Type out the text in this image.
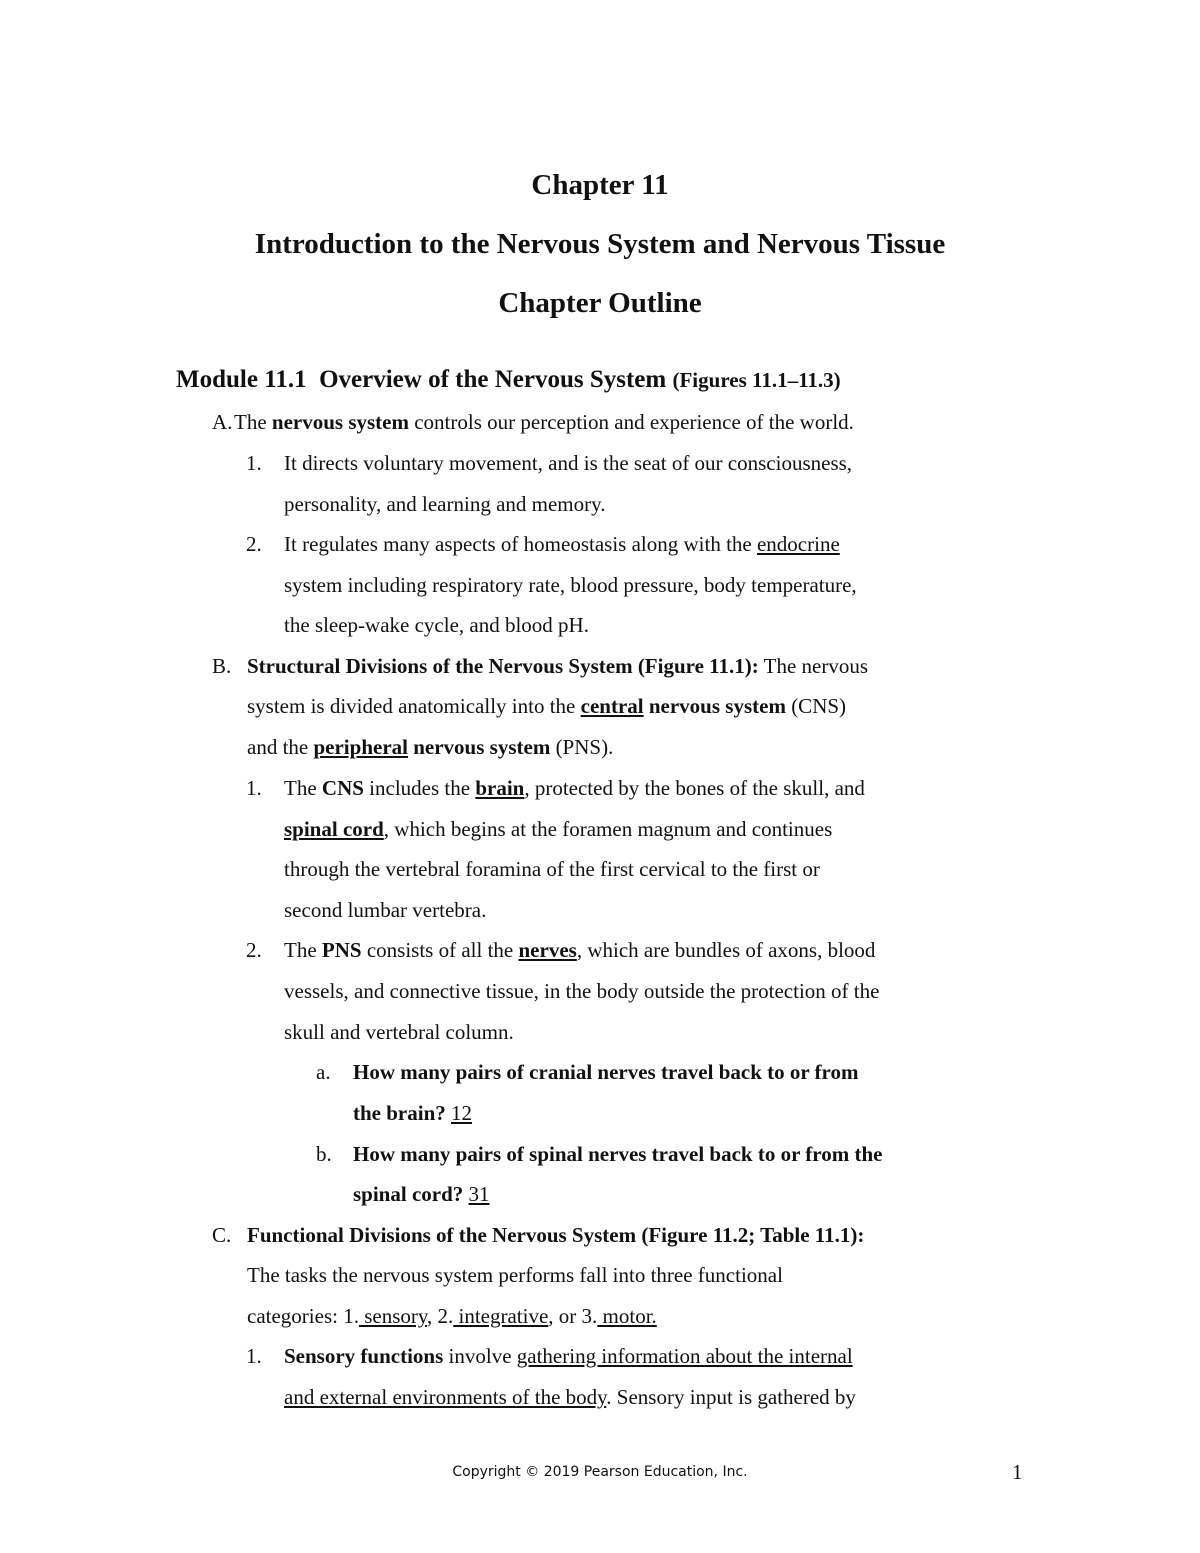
Chapter 11
Introduction to the Nervous System and Nervous Tissue
Chapter Outline
Module 11.1 Overview of the Nervous System (Figures 11.1–11.3)
A. The nervous system controls our perception and experience of the world.
1. It directs voluntary movement, and is the seat of our consciousness,
personality, and learning and memory.
2. It regulates many aspects of homeostasis along with the endocrine
system including respiratory rate, blood pressure, body temperature,
the sleep-wake cycle, and blood pH.
B. Structural Divisions of the Nervous System (Figure 11.1): The nervous
system is divided anatomically into the central nervous system (CNS)
and the peripheral nervous system (PNS).
1. The CNS includes the brain, protected by the bones of the skull, and
spinal cord, which begins at the foramen magnum and continues
through the vertebral foramina of the first cervical to the first or
second lumbar vertebra.
2. The PNS consists of all the nerves, which are bundles of axons, blood
vessels, and connective tissue, in the body outside the protection of the
skull and vertebral column.
a. How many pairs of cranial nerves travel back to or from
the brain? 12
b. How many pairs of spinal nerves travel back to or from the
spinal cord? 31
C. Functional Divisions of the Nervous System (Figure 11.2; Table 11.1):
The tasks the nervous system performs fall into three functional
categories: 1. sensory, 2. integrative, or 3. motor.
1. Sensory functions involve gathering information about the internal
and external environments of the body. Sensory input is gathered by
Copyright © 2019 Pearson Education, Inc.	1
